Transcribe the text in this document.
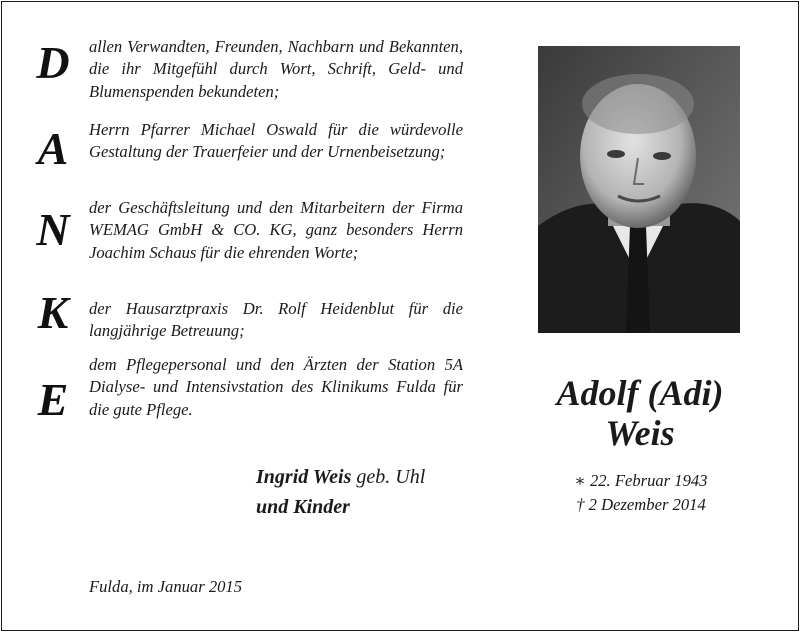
D
A
N
K
E
allen Verwandten, Freunden, Nachbarn und Bekannten, die ihr Mitgefühl durch Wort, Schrift, Geld- und Blumenspenden bekundeten;
Herrn Pfarrer Michael Oswald für die würdevolle Gestaltung der Trauerfeier und der Urnenbeisetzung;
der Geschäftsleitung und den Mitarbeitern der Firma WEMAG GmbH & CO. KG, ganz besonders Herrn Joachim Schaus für die ehrenden Worte;
der Hausarztpraxis Dr. Rolf Heidenblut für die langjährige Betreuung;
dem Pflegepersonal und den Ärzten der Station 5A Dialyse- und Intensivstation des Klinikums Fulda für die gute Pflege.
Ingrid Weis geb. Uhl
und Kinder
Fulda, im Januar 2015
Adolf (Adi)
Weis
∗ 22. Februar 1943
† 2 Dezember 2014
